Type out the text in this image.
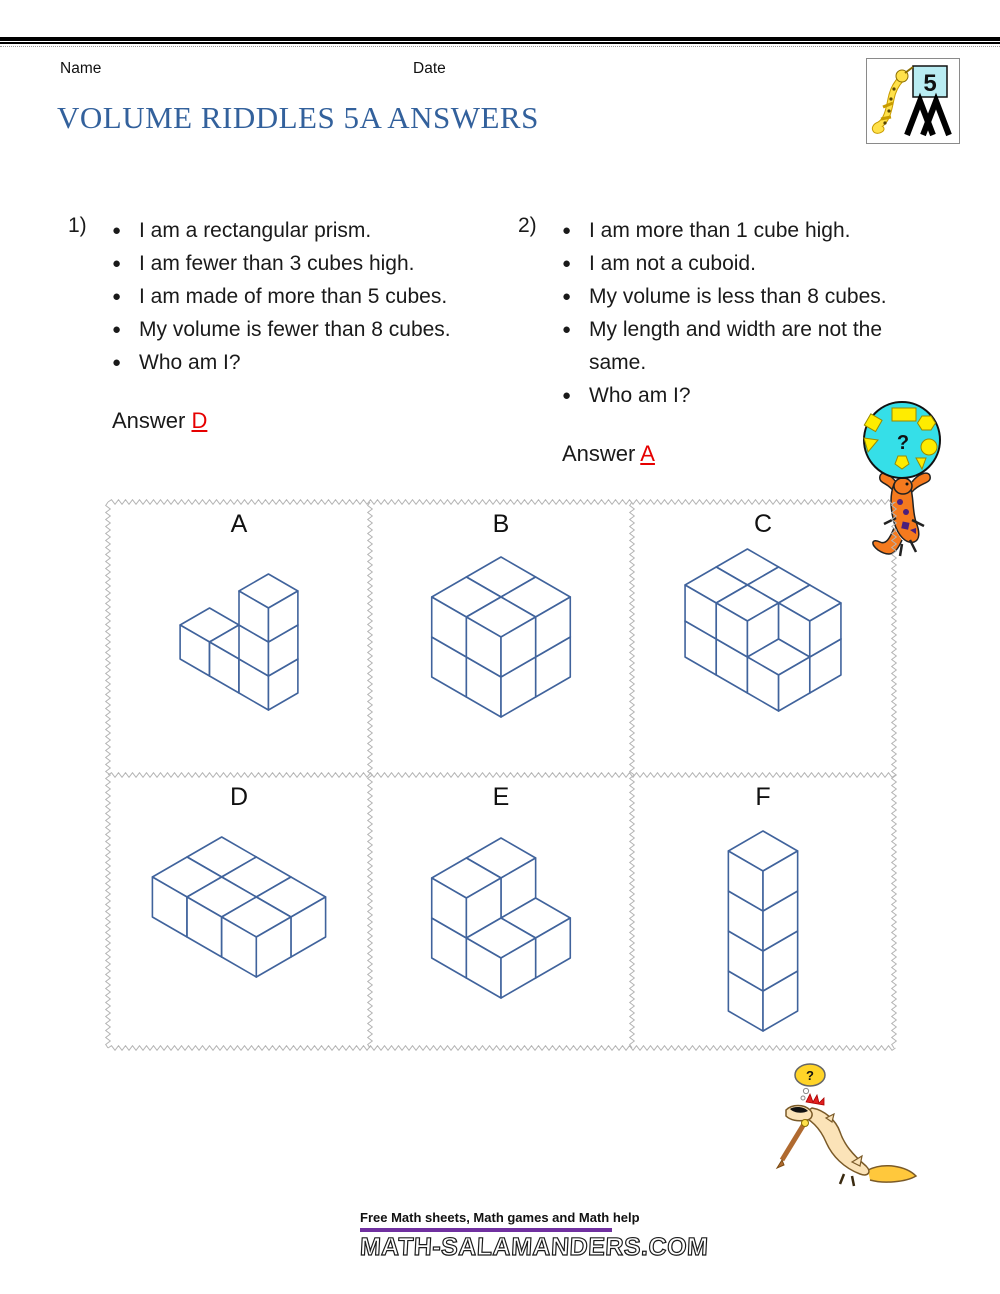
Name	Date
VOLUME RIDDLES 5A ANSWERS
5
1) ● I am a rectangular prism.
● I am fewer than 3 cubes high.
● I am made of more than 5 cubes.
● My volume is fewer than 8 cubes.
● Who am I?
Answer D
2) ● I am more than 1 cube high.
● I am not a cuboid.
● My volume is less than 8 cubes.
● My length and width are not the
same.
● Who am I?
Answer A	?
A	B	C
D	E	F
?
Free Math sheets, Math games and Math help
MATH-SALAMANDERS.COM
